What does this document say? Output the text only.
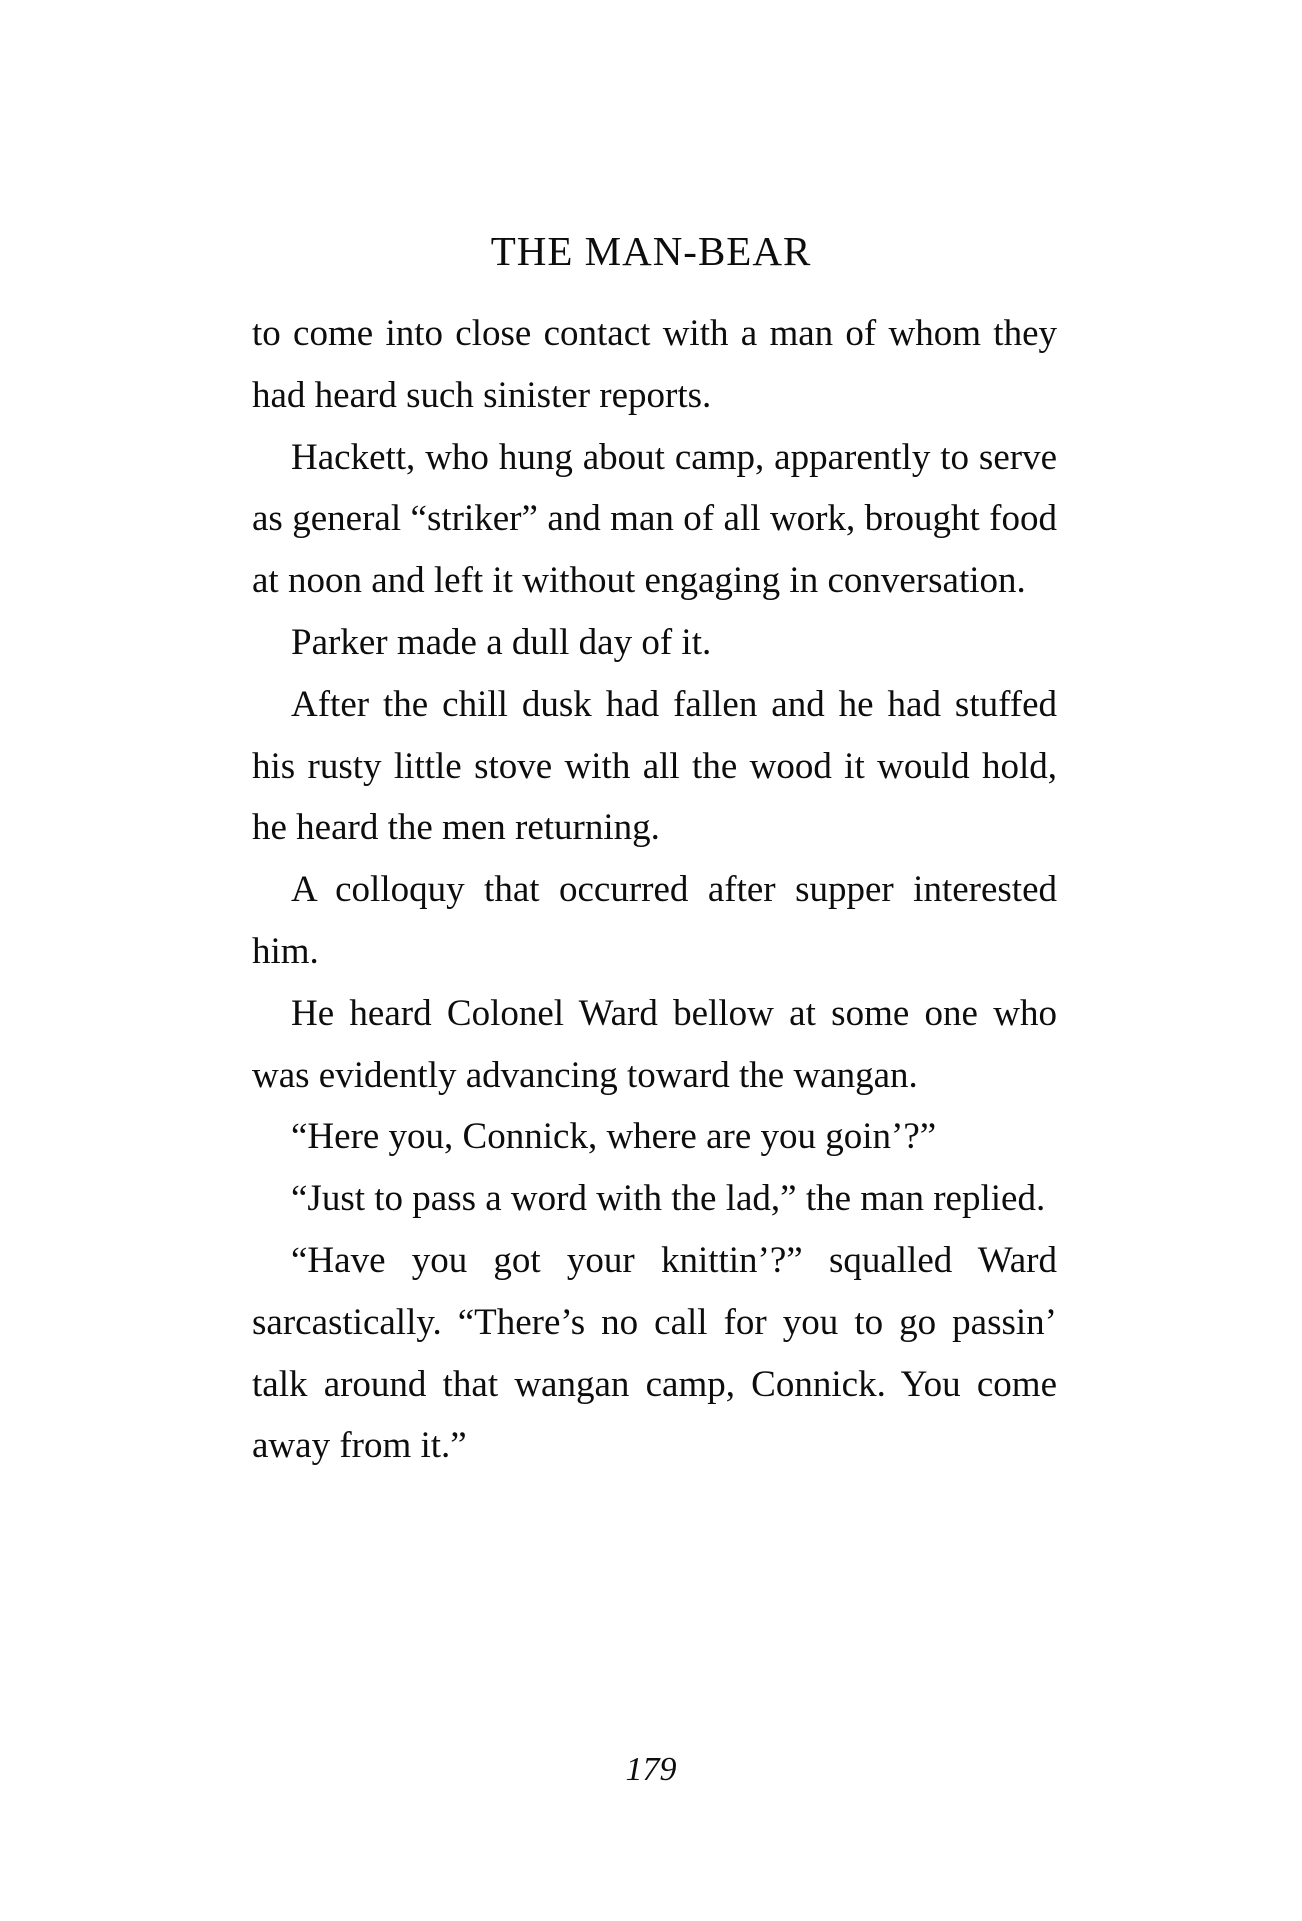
THE MAN-BEAR

to come into close contact with a man of whom they had heard such sinister reports.

Hackett, who hung about camp, apparently to serve as general “striker” and man of all work, brought food at noon and left it without engaging in conversation.

Parker made a dull day of it.

After the chill dusk had fallen and he had stuffed his rusty little stove with all the wood it would hold, he heard the men returning.

A colloquy that occurred after supper interested him.

He heard Colonel Ward bellow at some one who was evidently advancing toward the wangan.

“Here you, Connick, where are you goin’?”

“Just to pass a word with the lad,” the man replied.

“Have you got your knittin’?” squalled Ward sarcastically. “There’s no call for you to go passin’ talk around that wangan camp, Connick. You come away from it.”

179
